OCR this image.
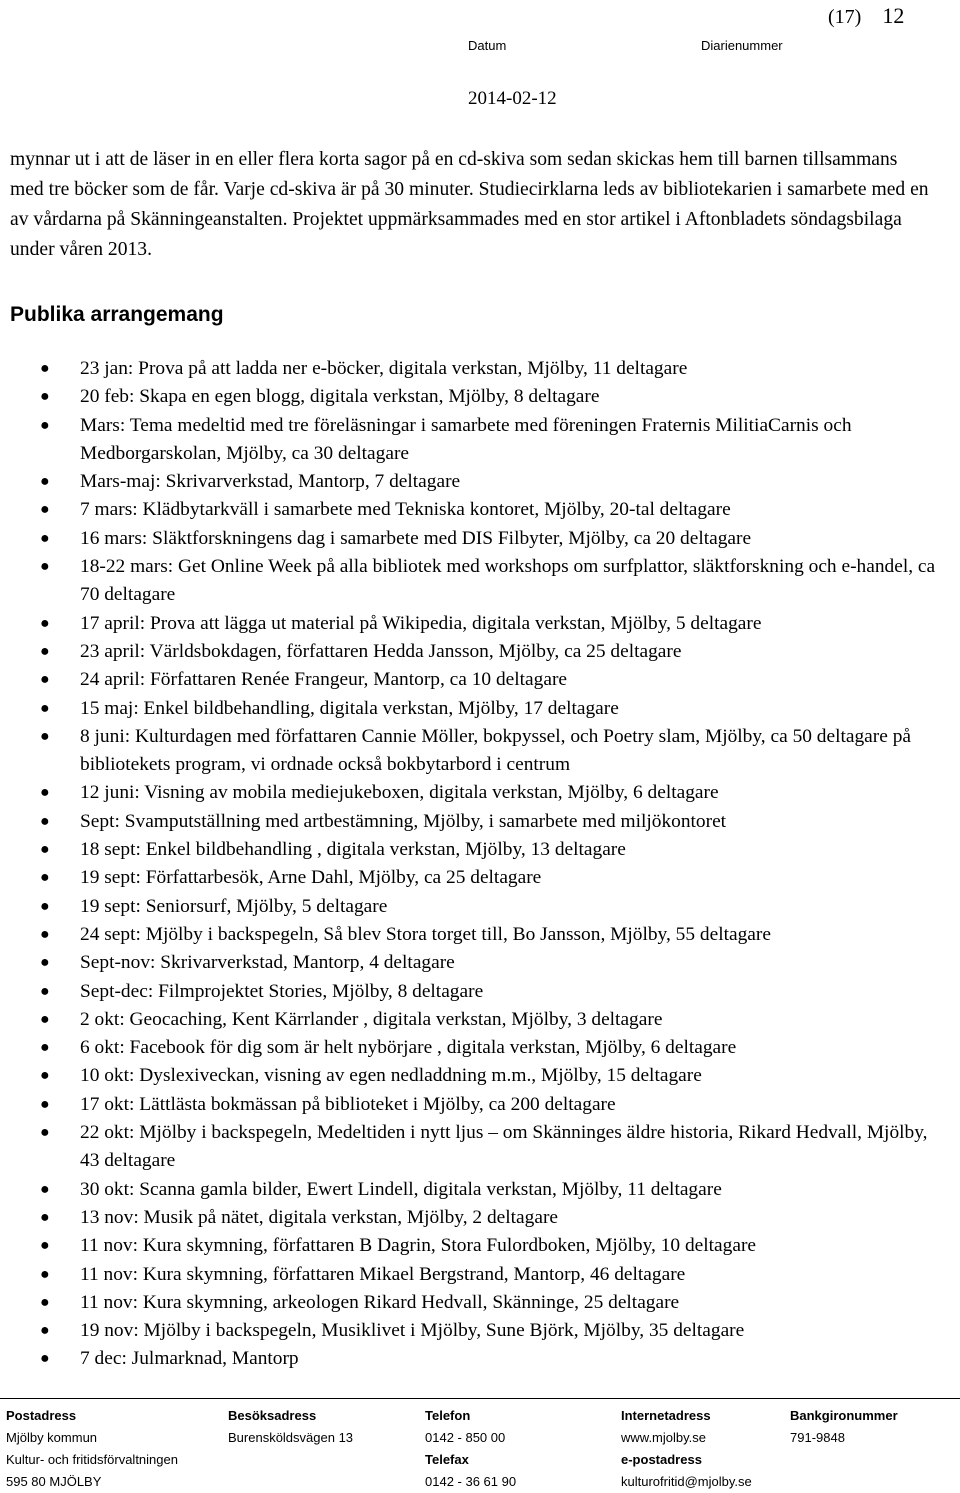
(17) 12
Datum	Diarienummer
2014-02-12
mynnar ut i att de läser in en eller flera korta sagor på en cd-skiva som sedan skickas hem till barnen tillsammans med tre böcker som de får. Varje cd-skiva är på 30 minuter. Studiecirklarna leds av bibliotekarien i samarbete med en av vårdarna på Skänningeanstalten. Projektet uppmärksammades med en stor artikel i Aftonbladets söndagsbilaga under våren 2013.
Publika arrangemang
● 23 jan: Prova på att ladda ner e-böcker, digitala verkstan, Mjölby, 11 deltagare
● 20 feb: Skapa en egen blogg, digitala verkstan, Mjölby, 8 deltagare
● Mars: Tema medeltid med tre föreläsningar i samarbete med föreningen Fraternis MilitiaCarnis och Medborgarskolan, Mjölby, ca 30 deltagare
● Mars-maj: Skrivarverkstad, Mantorp, 7 deltagare
● 7 mars: Klädbytarkväll i samarbete med Tekniska kontoret, Mjölby, 20-tal deltagare
● 16 mars: Släktforskningens dag i samarbete med DIS Filbyter, Mjölby, ca 20 deltagare
● 18-22 mars: Get Online Week på alla bibliotek med workshops om surfplattor, släktforskning och e-handel, ca 70 deltagare
● 17 april: Prova att lägga ut material på Wikipedia, digitala verkstan, Mjölby, 5 deltagare
● 23 april: Världsbokdagen, författaren Hedda Jansson, Mjölby, ca 25 deltagare
● 24 april: Författaren Renée Frangeur, Mantorp, ca 10 deltagare
● 15 maj: Enkel bildbehandling, digitala verkstan, Mjölby, 17 deltagare
● 8 juni: Kulturdagen med författaren Cannie Möller, bokpyssel, och Poetry slam, Mjölby, ca 50 deltagare på bibliotekets program, vi ordnade också bokbytarbord i centrum
● 12 juni: Visning av mobila mediejukeboxen, digitala verkstan, Mjölby, 6 deltagare
● Sept: Svamputställning med artbestämning, Mjölby, i samarbete med miljökontoret
● 18 sept: Enkel bildbehandling , digitala verkstan, Mjölby, 13 deltagare
● 19 sept: Författarbesök, Arne Dahl, Mjölby, ca 25 deltagare
● 19 sept: Seniorsurf, Mjölby, 5 deltagare
● 24 sept: Mjölby i backspegeln, Så blev Stora torget till, Bo Jansson, Mjölby, 55 deltagare
● Sept-nov: Skrivarverkstad, Mantorp, 4 deltagare
● Sept-dec: Filmprojektet Stories, Mjölby, 8 deltagare
● 2 okt: Geocaching, Kent Kärrlander , digitala verkstan, Mjölby, 3 deltagare
● 6 okt: Facebook för dig som är helt nybörjare , digitala verkstan, Mjölby, 6 deltagare
● 10 okt: Dyslexiveckan, visning av egen nedladdning m.m., Mjölby, 15 deltagare
● 17 okt: Lättlästa bokmässan på biblioteket i Mjölby, ca 200 deltagare
● 22 okt: Mjölby i backspegeln, Medeltiden i nytt ljus – om Skänninges äldre historia, Rikard Hedvall, Mjölby, 43 deltagare
● 30 okt: Scanna gamla bilder, Ewert Lindell, digitala verkstan, Mjölby, 11 deltagare
● 13 nov: Musik på nätet, digitala verkstan, Mjölby, 2 deltagare
● 11 nov: Kura skymning, författaren B Dagrin, Stora Fulordboken, Mjölby, 10 deltagare
● 11 nov: Kura skymning, författaren Mikael Bergstrand, Mantorp, 46 deltagare
● 11 nov: Kura skymning, arkeologen Rikard Hedvall, Skänninge, 25 deltagare
● 19 nov: Mjölby i backspegeln, Musiklivet i Mjölby, Sune Björk, Mjölby, 35 deltagare
● 7 dec: Julmarknad, Mantorp
Postadress
Mjölby kommun
Kultur- och fritidsförvaltningen
595 80 MJÖLBY
Besöksadress
Burensköldsvägen 13
Telefon
0142 - 850 00
Telefax
0142 - 36 61 90
Internetadress
www.mjolby.se
e-postadress
kulturofritid@mjolby.se
Bankgironummer
791-9848
